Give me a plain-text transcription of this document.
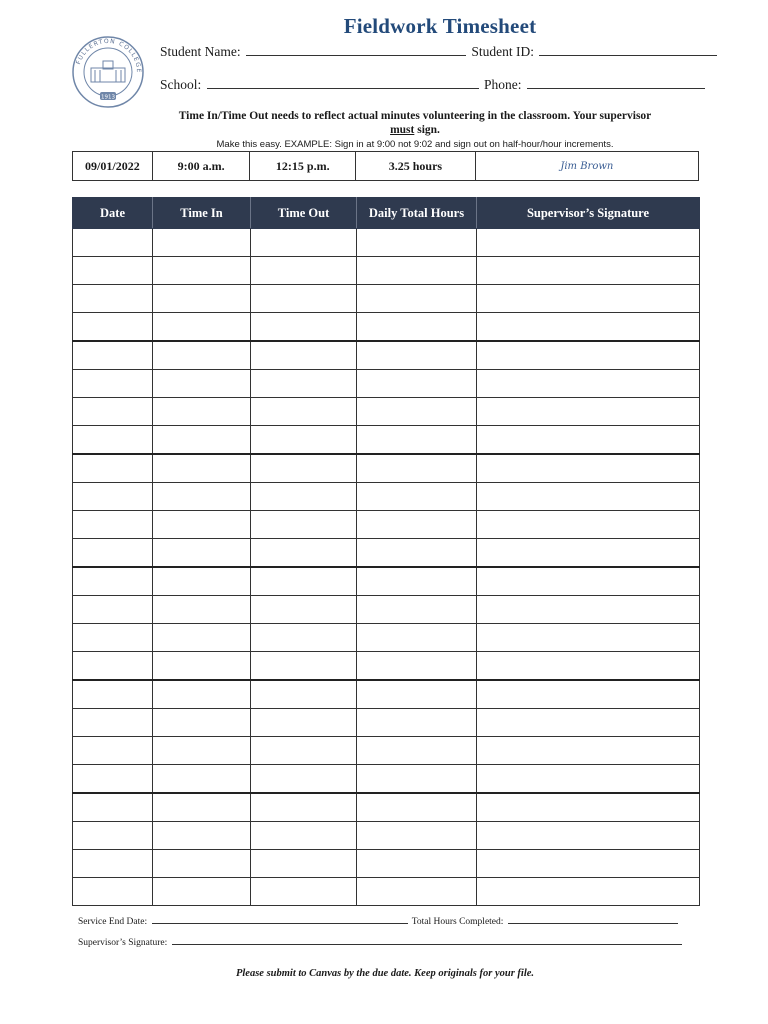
Fieldwork Timesheet
FULLERTON COLLEGE
1913
Student Name:	Student ID:
School:	Phone:
Time In/Time Out needs to reflect actual minutes volunteering in the classroom. Your supervisor
must sign.
Make this easy. EXAMPLE: Sign in at 9:00 not 9:02 and sign out on half-hour/hour increments.
09/01/2022	9:00 a.m.	12:15 p.m.	3.25 hours	Jim Brown
Date	Time In	Time Out	Daily Total Hours	Supervisor’s Signature

Service End Date:	Total Hours Completed:
Supervisor’s Signature:
Please submit to Canvas by the due date. Keep originals for your file.
